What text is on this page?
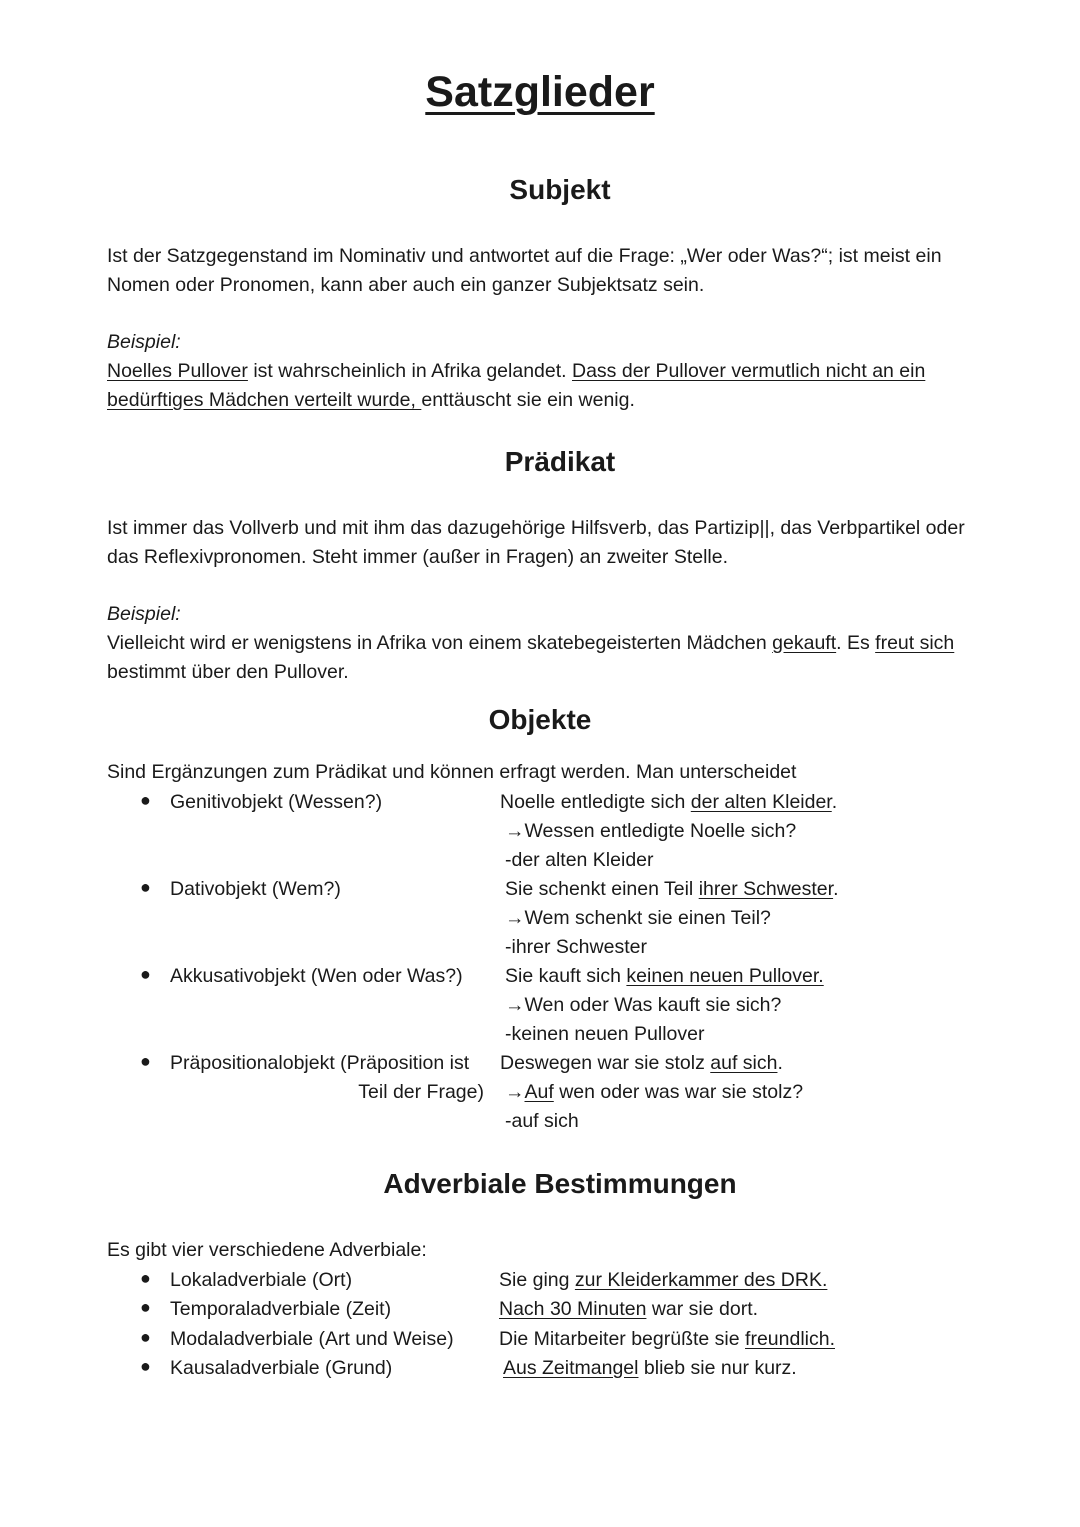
Satzglieder
Subjekt
Ist der Satzgegenstand im Nominativ und antwortet auf die Frage: „Wer oder Was?“; ist meist ein
Nomen oder Pronomen, kann aber auch ein ganzer Subjektsatz sein.
Beispiel:
Noelles Pullover ist wahrscheinlich in Afrika gelandet. Dass der Pullover vermutlich nicht an ein
bedürftiges Mädchen verteilt wurde, enttäuscht sie ein wenig.
Prädikat
Ist immer das Vollverb und mit ihm das dazugehörige Hilfsverb, das Partizip||, das Verbpartikel oder
das Reflexivpronomen. Steht immer (außer in Fragen) an zweiter Stelle.
Beispiel:
Vielleicht wird er wenigstens in Afrika von einem skatebegeisterten Mädchen gekauft. Es freut sich
bestimmt über den Pullover.
Objekte
Sind Ergänzungen zum Prädikat und können erfragt werden. Man unterscheidet
● Genitivobjekt (Wessen?)	Noelle entledigte sich der alten Kleider.
→Wessen entledigte Noelle sich?
-der alten Kleider
● Dativobjekt (Wem?)	Sie schenkt einen Teil ihrer Schwester.
→Wem schenkt sie einen Teil?
-ihrer Schwester
● Akkusativobjekt (Wen oder Was?)	Sie kauft sich keinen neuen Pullover.
→Wen oder Was kauft sie sich?
-keinen neuen Pullover
● Präpositionalobjekt (Präposition ist
Teil der Frage)
Deswegen war sie stolz auf sich.
→Auf wen oder was war sie stolz?
-auf sich
Adverbiale Bestimmungen
Es gibt vier verschiedene Adverbiale:
● Lokaladverbiale (Ort)	Sie ging zur Kleiderkammer des DRK.
● Temporaladverbiale (Zeit)	Nach 30 Minuten war sie dort.
● Modaladverbiale (Art und Weise)	Die Mitarbeiter begrüßte sie freundlich.
● Kausaladverbiale (Grund)	Aus Zeitmangel blieb sie nur kurz.
